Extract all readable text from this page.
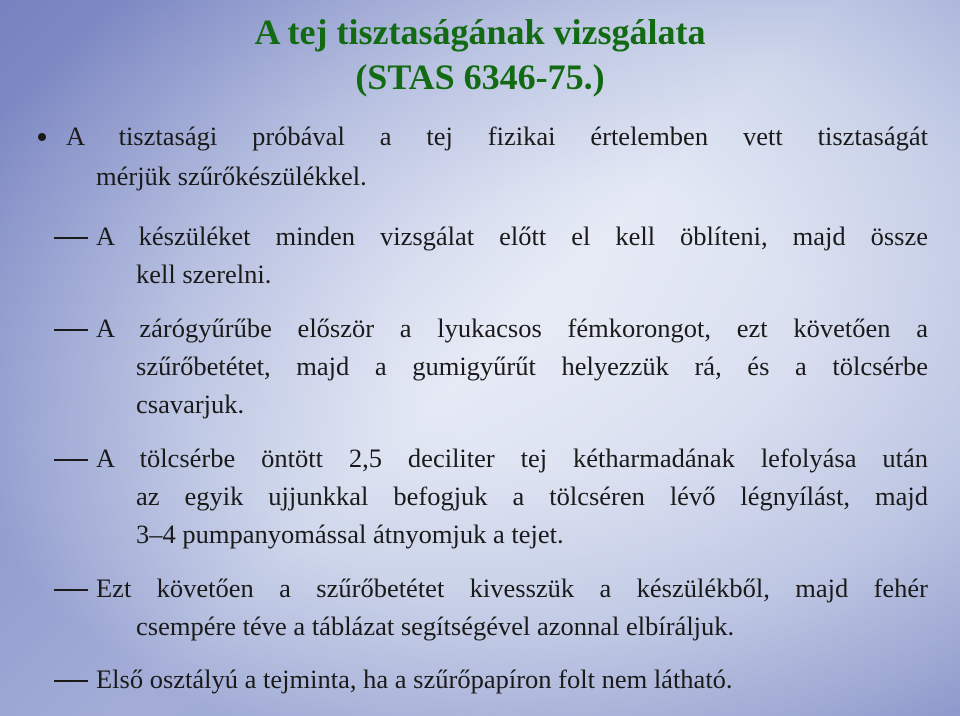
A tej tisztaságának vizsgálata
(STAS 6346-75.)

A tisztasági próbával a tej fizikai értelemben vett tisztaságát

mérjük szűrőkészülékkel.

A készüléket minden vizsgálat előtt el kell öblíteni, majd össze

kell szerelni.

A zárógyűrűbe először a lyukacsos fémkorongot, ezt követően a

szűrőbetétet, majd a gumigyűrűt helyezzük rá, és a tölcsérbe

csavarjuk.

A tölcsérbe öntött 2,5 deciliter tej kétharmadának lefolyása után

az egyik ujjunkkal befogjuk a tölcséren lévő légnyílást, majd

3–4 pumpanyomással átnyomjuk a tejet.

Ezt követően a szűrőbetétet kivesszük a készülékből, majd fehér

csempére téve a táblázat segítségével azonnal elbíráljuk.

Első osztályú a tejminta, ha a szűrőpapíron folt nem látható.
